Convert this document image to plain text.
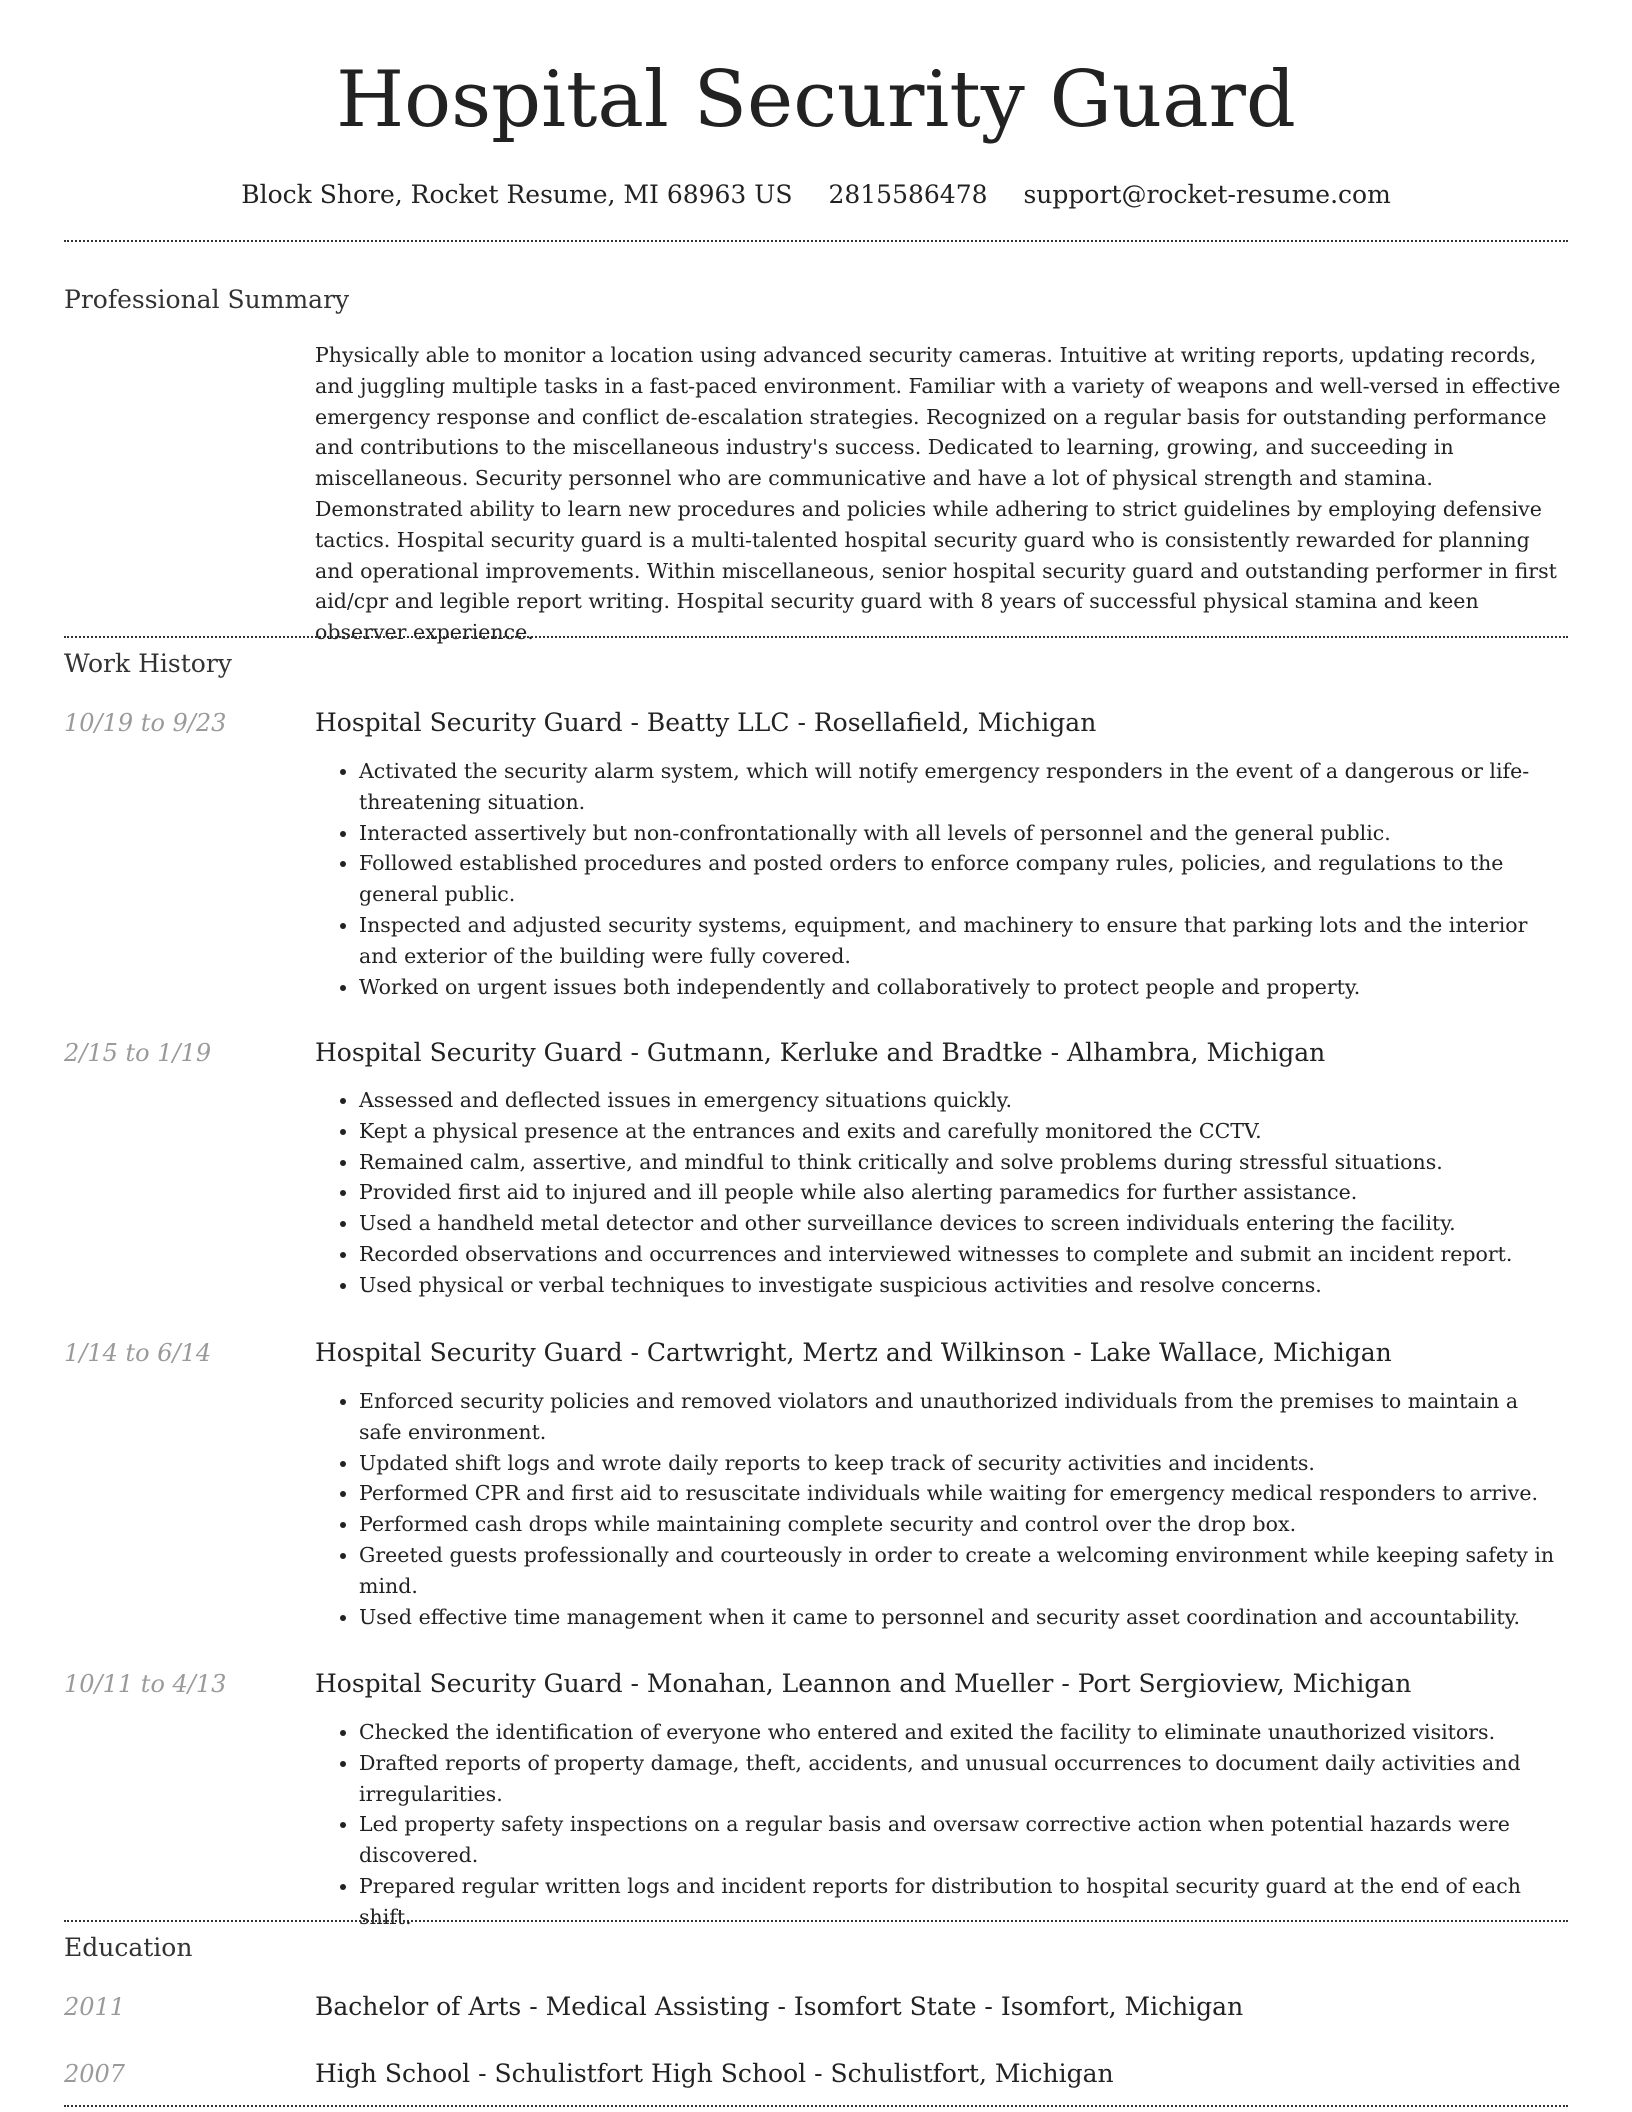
Hospital Security Guard
Block Shore, Rocket Resume, MI 68963 US 2815586478 support@rocket-resume.com
Professional Summary
Physically able to monitor a location using advanced security cameras. Intuitive at writing reports, updating records, and juggling multiple tasks in a fast-paced environment. Familiar with a variety of weapons and well-versed in effective emergency response and conflict de-escalation strategies. Recognized on a regular basis for outstanding performance and contributions to the miscellaneous industry's success. Dedicated to learning, growing, and succeeding in miscellaneous. Security personnel who are communicative and have a lot of physical strength and stamina. Demonstrated ability to learn new procedures and policies while adhering to strict guidelines by employing defensive tactics. Hospital security guard is a multi-talented hospital security guard who is consistently rewarded for planning and operational improvements. Within miscellaneous, senior hospital security guard and outstanding performer in first aid/cpr and legible report writing. Hospital security guard with 8 years of successful physical stamina and keen observer experience.
Work History
10/19 to 9/23	Hospital Security Guard - Beatty LLC - Rosellafield, Michigan
• Activated the security alarm system, which will notify emergency responders in the event of a dangerous or life-threatening situation.
• Interacted assertively but non-confrontationally with all levels of personnel and the general public.
• Followed established procedures and posted orders to enforce company rules, policies, and regulations to the general public.
• Inspected and adjusted security systems, equipment, and machinery to ensure that parking lots and the interior and exterior of the building were fully covered.
• Worked on urgent issues both independently and collaboratively to protect people and property.
2/15 to 1/19	Hospital Security Guard - Gutmann, Kerluke and Bradtke - Alhambra, Michigan
• Assessed and deflected issues in emergency situations quickly.
• Kept a physical presence at the entrances and exits and carefully monitored the CCTV.
• Remained calm, assertive, and mindful to think critically and solve problems during stressful situations.
• Provided first aid to injured and ill people while also alerting paramedics for further assistance.
• Used a handheld metal detector and other surveillance devices to screen individuals entering the facility.
• Recorded observations and occurrences and interviewed witnesses to complete and submit an incident report.
• Used physical or verbal techniques to investigate suspicious activities and resolve concerns.
1/14 to 6/14	Hospital Security Guard - Cartwright, Mertz and Wilkinson - Lake Wallace, Michigan
• Enforced security policies and removed violators and unauthorized individuals from the premises to maintain a safe environment.
• Updated shift logs and wrote daily reports to keep track of security activities and incidents.
• Performed CPR and first aid to resuscitate individuals while waiting for emergency medical responders to arrive.
• Performed cash drops while maintaining complete security and control over the drop box.
• Greeted guests professionally and courteously in order to create a welcoming environment while keeping safety in mind.
• Used effective time management when it came to personnel and security asset coordination and accountability.
10/11 to 4/13	Hospital Security Guard - Monahan, Leannon and Mueller - Port Sergioview, Michigan
• Checked the identification of everyone who entered and exited the facility to eliminate unauthorized visitors.
• Drafted reports of property damage, theft, accidents, and unusual occurrences to document daily activities and irregularities.
• Led property safety inspections on a regular basis and oversaw corrective action when potential hazards were discovered.
• Prepared regular written logs and incident reports for distribution to hospital security guard at the end of each shift.
Education
2011	Bachelor of Arts - Medical Assisting - Isomfort State - Isomfort, Michigan
2007	High School - Schulistfort High School - Schulistfort, Michigan
